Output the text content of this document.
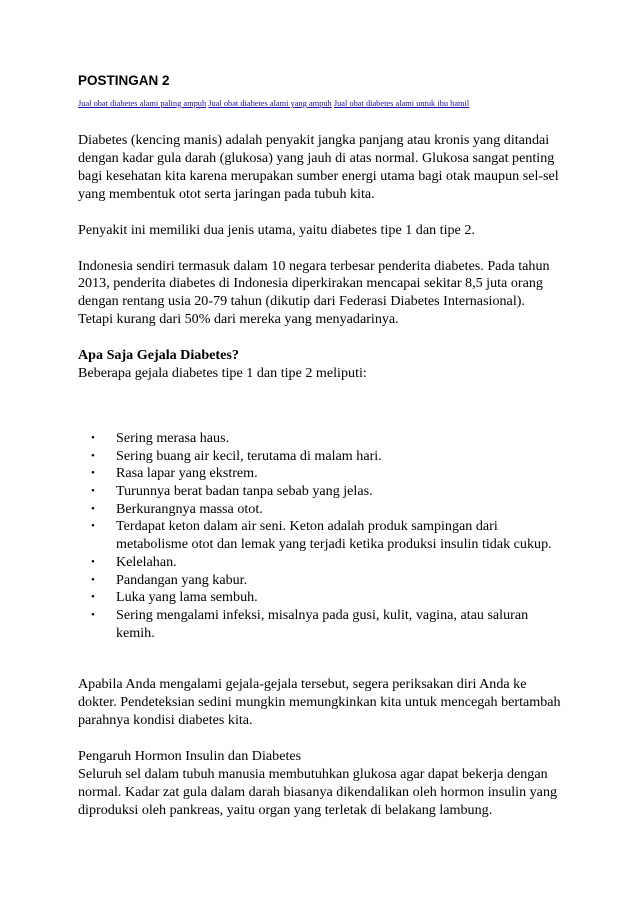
POSTINGAN 2

Jual obat diabetes alami paling ampuh Jual obat diabetes alami yang ampuh Jual obat diabetes alami untuk ibu hamil

Diabetes (kencing manis) adalah penyakit jangka panjang atau kronis yang ditandai dengan kadar gula darah (glukosa) yang jauh di atas normal. Glukosa sangat penting bagi kesehatan kita karena merupakan sumber energi utama bagi otak maupun sel-sel yang membentuk otot serta jaringan pada tubuh kita.

Penyakit ini memiliki dua jenis utama, yaitu diabetes tipe 1 dan tipe 2.

Indonesia sendiri termasuk dalam 10 negara terbesar penderita diabetes. Pada tahun 2013, penderita diabetes di Indonesia diperkirakan mencapai sekitar 8,5 juta orang dengan rentang usia 20-79 tahun (dikutip dari Federasi Diabetes Internasional). Tetapi kurang dari 50% dari mereka yang menyadarinya.

Apa Saja Gejala Diabetes?

Beberapa gejala diabetes tipe 1 dan tipe 2 meliputi:

• Sering merasa haus.
• Sering buang air kecil, terutama di malam hari.
• Rasa lapar yang ekstrem.
• Turunnya berat badan tanpa sebab yang jelas.
• Berkurangnya massa otot.
• Terdapat keton dalam air seni. Keton adalah produk sampingan dari metabolisme otot dan lemak yang terjadi ketika produksi insulin tidak cukup.
• Kelelahan.
• Pandangan yang kabur.
• Luka yang lama sembuh.
• Sering mengalami infeksi, misalnya pada gusi, kulit, vagina, atau saluran kemih.

Apabila Anda mengalami gejala-gejala tersebut, segera periksakan diri Anda ke dokter. Pendeteksian sedini mungkin memungkinkan kita untuk mencegah bertambah parahnya kondisi diabetes kita.

Pengaruh Hormon Insulin dan Diabetes

Seluruh sel dalam tubuh manusia membutuhkan glukosa agar dapat bekerja dengan normal. Kadar zat gula dalam darah biasanya dikendalikan oleh hormon insulin yang diproduksi oleh pankreas, yaitu organ yang terletak di belakang lambung.
